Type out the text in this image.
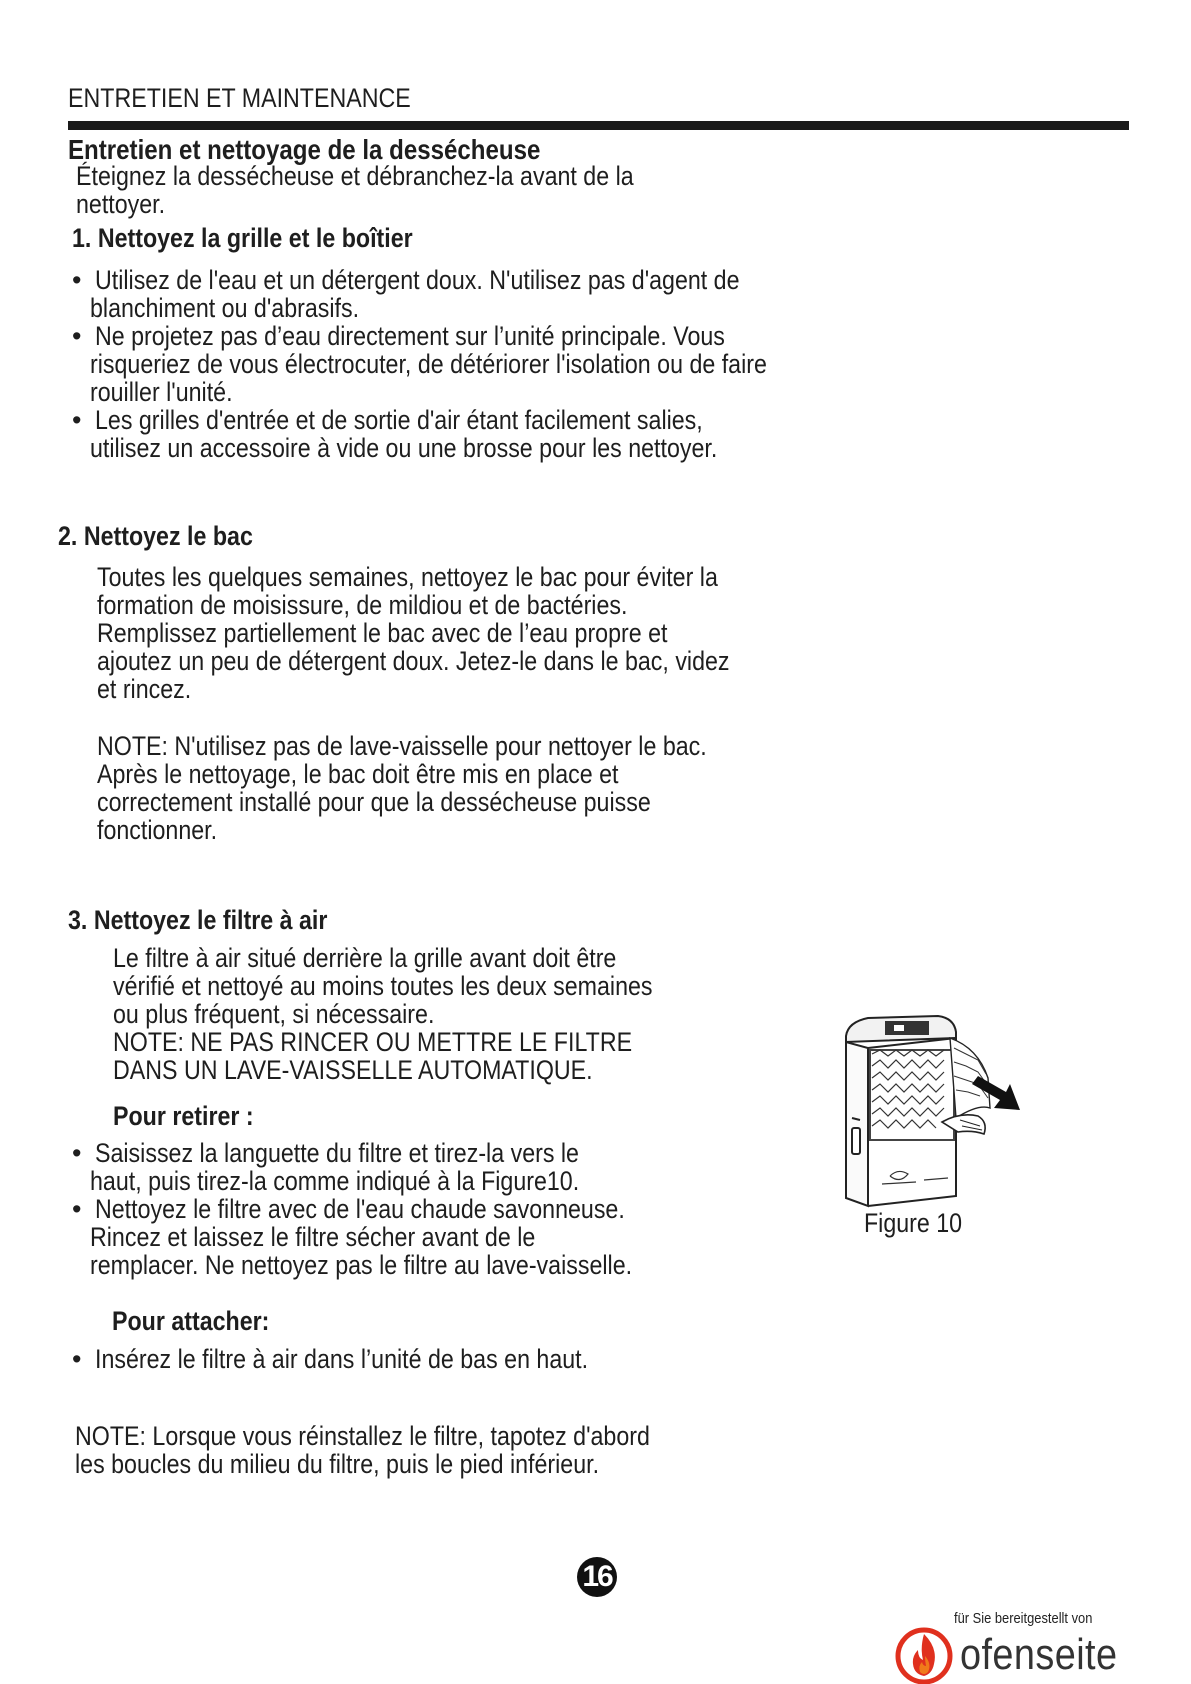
ENTRETIEN ET MAINTENANCE
Entretien et nettoyage de la dessécheuse

Éteignez la dessécheuse et débranchez-la avant de la

nettoyer.

1. Nettoyez la grille et le boîtier
• Utilisez de l'eau et un détergent doux. N'utilisez pas d'agent de

blanchiment ou d'abrasifs.

• Ne projetez pas d’eau directement sur l’unité principale. Vous

risqueriez de vous électrocuter, de détériorer l'isolation ou de faire

rouiller l'unité.

• Les grilles d'entrée et de sortie d'air étant facilement salies,

utilisez un accessoire à vide ou une brosse pour les nettoyer.

2. Nettoyez le bac

Toutes les quelques semaines, nettoyez le bac pour éviter la

formation de moisissure, de mildiou et de bactéries.

Remplissez partiellement le bac avec de l’eau propre et

ajoutez un peu de détergent doux. Jetez-le dans le bac, videz

et rincez.

NOTE: N'utilisez pas de lave-vaisselle pour nettoyer le bac.

Après le nettoyage, le bac doit être mis en place et

correctement installé pour que la dessécheuse puisse

fonctionner.

3. Nettoyez le filtre à air

Le filtre à air situé derrière la grille avant doit être

vérifié et nettoyé au moins toutes les deux semaines

ou plus fréquent, si nécessaire.

NOTE: NE PAS RINCER OU METTRE LE FILTRE

DANS UN LAVE-VAISSELLE AUTOMATIQUE.

Pour retirer :
• Saisissez la languette du filtre et tirez-la vers le

haut, puis tirez-la comme indiqué à la Figure10.

• Nettoyez le filtre avec de l'eau chaude savonneuse.

Rincez et laissez le filtre sécher avant de le

remplacer. Ne nettoyez pas le filtre au lave-vaisselle.

Pour attacher:
• Insérez le filtre à air dans l’unité de bas en haut.

NOTE: Lorsque vous réinstallez le filtre, tapotez d'abord

les boucles du milieu du filtre, puis le pied inférieur.

Figure 10
16
für Sie bereitgestellt von
ofenseite
